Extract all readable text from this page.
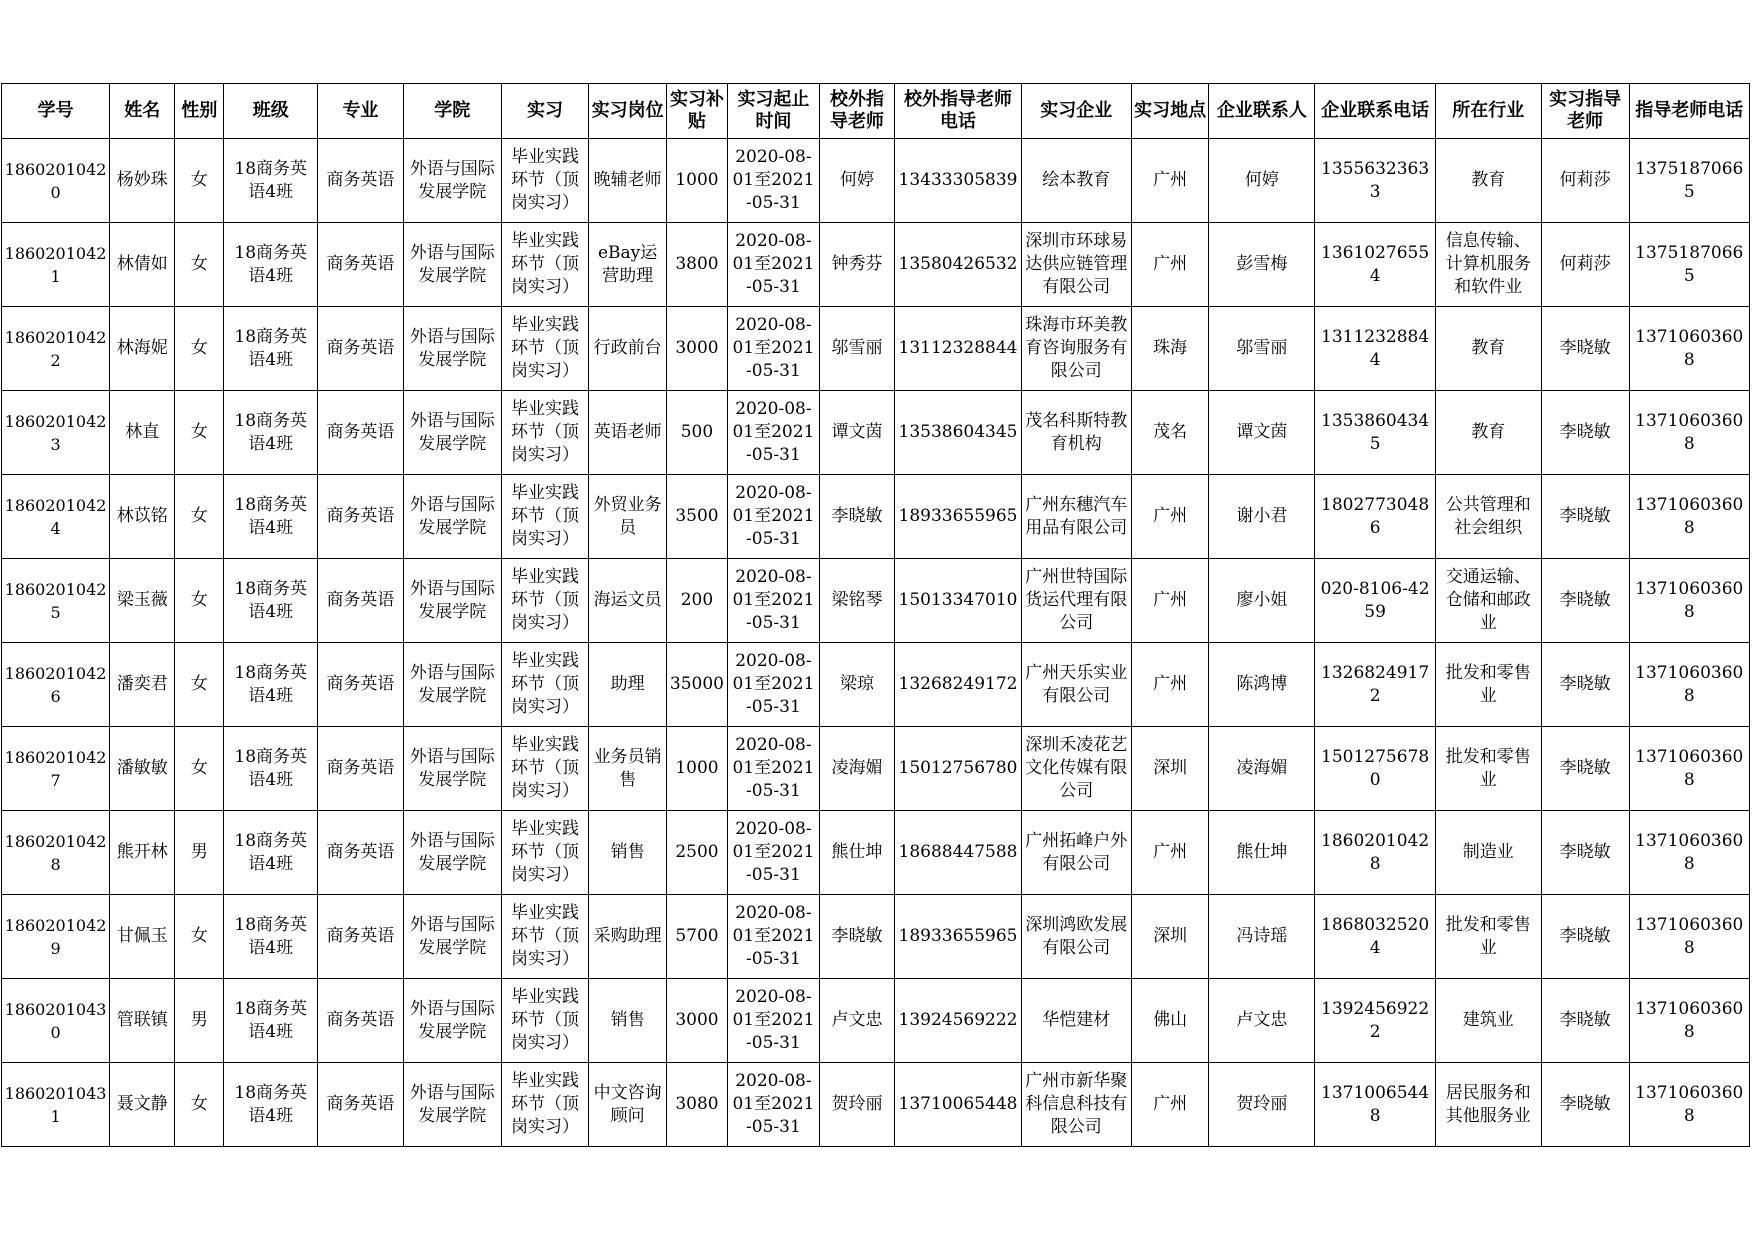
学号	姓名	性别	班级	专业	学院	实习	实习岗位	实习补贴	实习起止时间	校外指导老师	校外指导老师电话	实习企业	实习地点	企业联系人	企业联系电话	所在行业	实习指导老师	指导老师电话

18602010420	杨妙珠	女	18商务英语4班	商务英语	外语与国际发展学院	毕业实践环节（顶岗实习）	晚辅老师	1000	2020-08-01至2021-05-31	何婷	13433305839	绘本教育	广州	何婷	13556323633	教育	何莉莎	13751870665

18602010421	林倩如	女	18商务英语4班	商务英语	外语与国际发展学院	毕业实践环节（顶岗实习）	eBay运营助理	3800	2020-08-01至2021-05-31	钟秀芬	13580426532	深圳市环球易达供应链管理有限公司	广州	彭雪梅	13610276554	信息传输、计算机服务和软件业	何莉莎	13751870665

18602010422	林海妮	女	18商务英语4班	商务英语	外语与国际发展学院	毕业实践环节（顶岗实习）	行政前台	3000	2020-08-01至2021-05-31	邬雪丽	13112328844	珠海市环美教育咨询服务有限公司	珠海	邬雪丽	13112328844	教育	李晓敏	13710603608

18602010423	林直	女	18商务英语4班	商务英语	外语与国际发展学院	毕业实践环节（顶岗实习）	英语老师	500	2020-08-01至2021-05-31	谭文茵	13538604345	茂名科斯特教育机构	茂名	谭文茵	13538604345	教育	李晓敏	13710603608

18602010424	林苡铭	女	18商务英语4班	商务英语	外语与国际发展学院	毕业实践环节（顶岗实习）	外贸业务员	3500	2020-08-01至2021-05-31	李晓敏	18933655965	广州东穗汽车用品有限公司	广州	谢小君	18027730486	公共管理和社会组织	李晓敏	13710603608

18602010425	梁玉薇	女	18商务英语4班	商务英语	外语与国际发展学院	毕业实践环节（顶岗实习）	海运文员	200	2020-08-01至2021-05-31	梁铭琴	15013347010	广州世特国际货运代理有限公司	广州	廖小姐	020-8106-4259	交通运输、仓储和邮政业	李晓敏	13710603608

18602010426	潘奕君	女	18商务英语4班	商务英语	外语与国际发展学院	毕业实践环节（顶岗实习）	助理	35000	2020-08-01至2021-05-31	梁琼	13268249172	广州天乐实业有限公司	广州	陈鸿博	13268249172	批发和零售业	李晓敏	13710603608

18602010427	潘敏敏	女	18商务英语4班	商务英语	外语与国际发展学院	毕业实践环节（顶岗实习）	业务员销售	1000	2020-08-01至2021-05-31	凌海媚	15012756780	深圳禾凌花艺文化传媒有限公司	深圳	凌海媚	15012756780	批发和零售业	李晓敏	13710603608

18602010428	熊开林	男	18商务英语4班	商务英语	外语与国际发展学院	毕业实践环节（顶岗实习）	销售	2500	2020-08-01至2021-05-31	熊仕坤	18688447588	广州拓峰户外有限公司	广州	熊仕坤	18602010428	制造业	李晓敏	13710603608

18602010429	甘佩玉	女	18商务英语4班	商务英语	外语与国际发展学院	毕业实践环节（顶岗实习）	采购助理	5700	2020-08-01至2021-05-31	李晓敏	18933655965	深圳鸿欧发展有限公司	深圳	冯诗瑶	18680325204	批发和零售业	李晓敏	13710603608

18602010430	管联镇	男	18商务英语4班	商务英语	外语与国际发展学院	毕业实践环节（顶岗实习）	销售	3000	2020-08-01至2021-05-31	卢文忠	13924569222	华恺建材	佛山	卢文忠	13924569222	建筑业	李晓敏	13710603608

18602010431	聂文静	女	18商务英语4班	商务英语	外语与国际发展学院	毕业实践环节（顶岗实习）	中文咨询顾问	3080	2020-08-01至2021-05-31	贺玲丽	13710065448	广州市新华聚科信息科技有限公司	广州	贺玲丽	13710065448	居民服务和其他服务业	李晓敏	13710603608
